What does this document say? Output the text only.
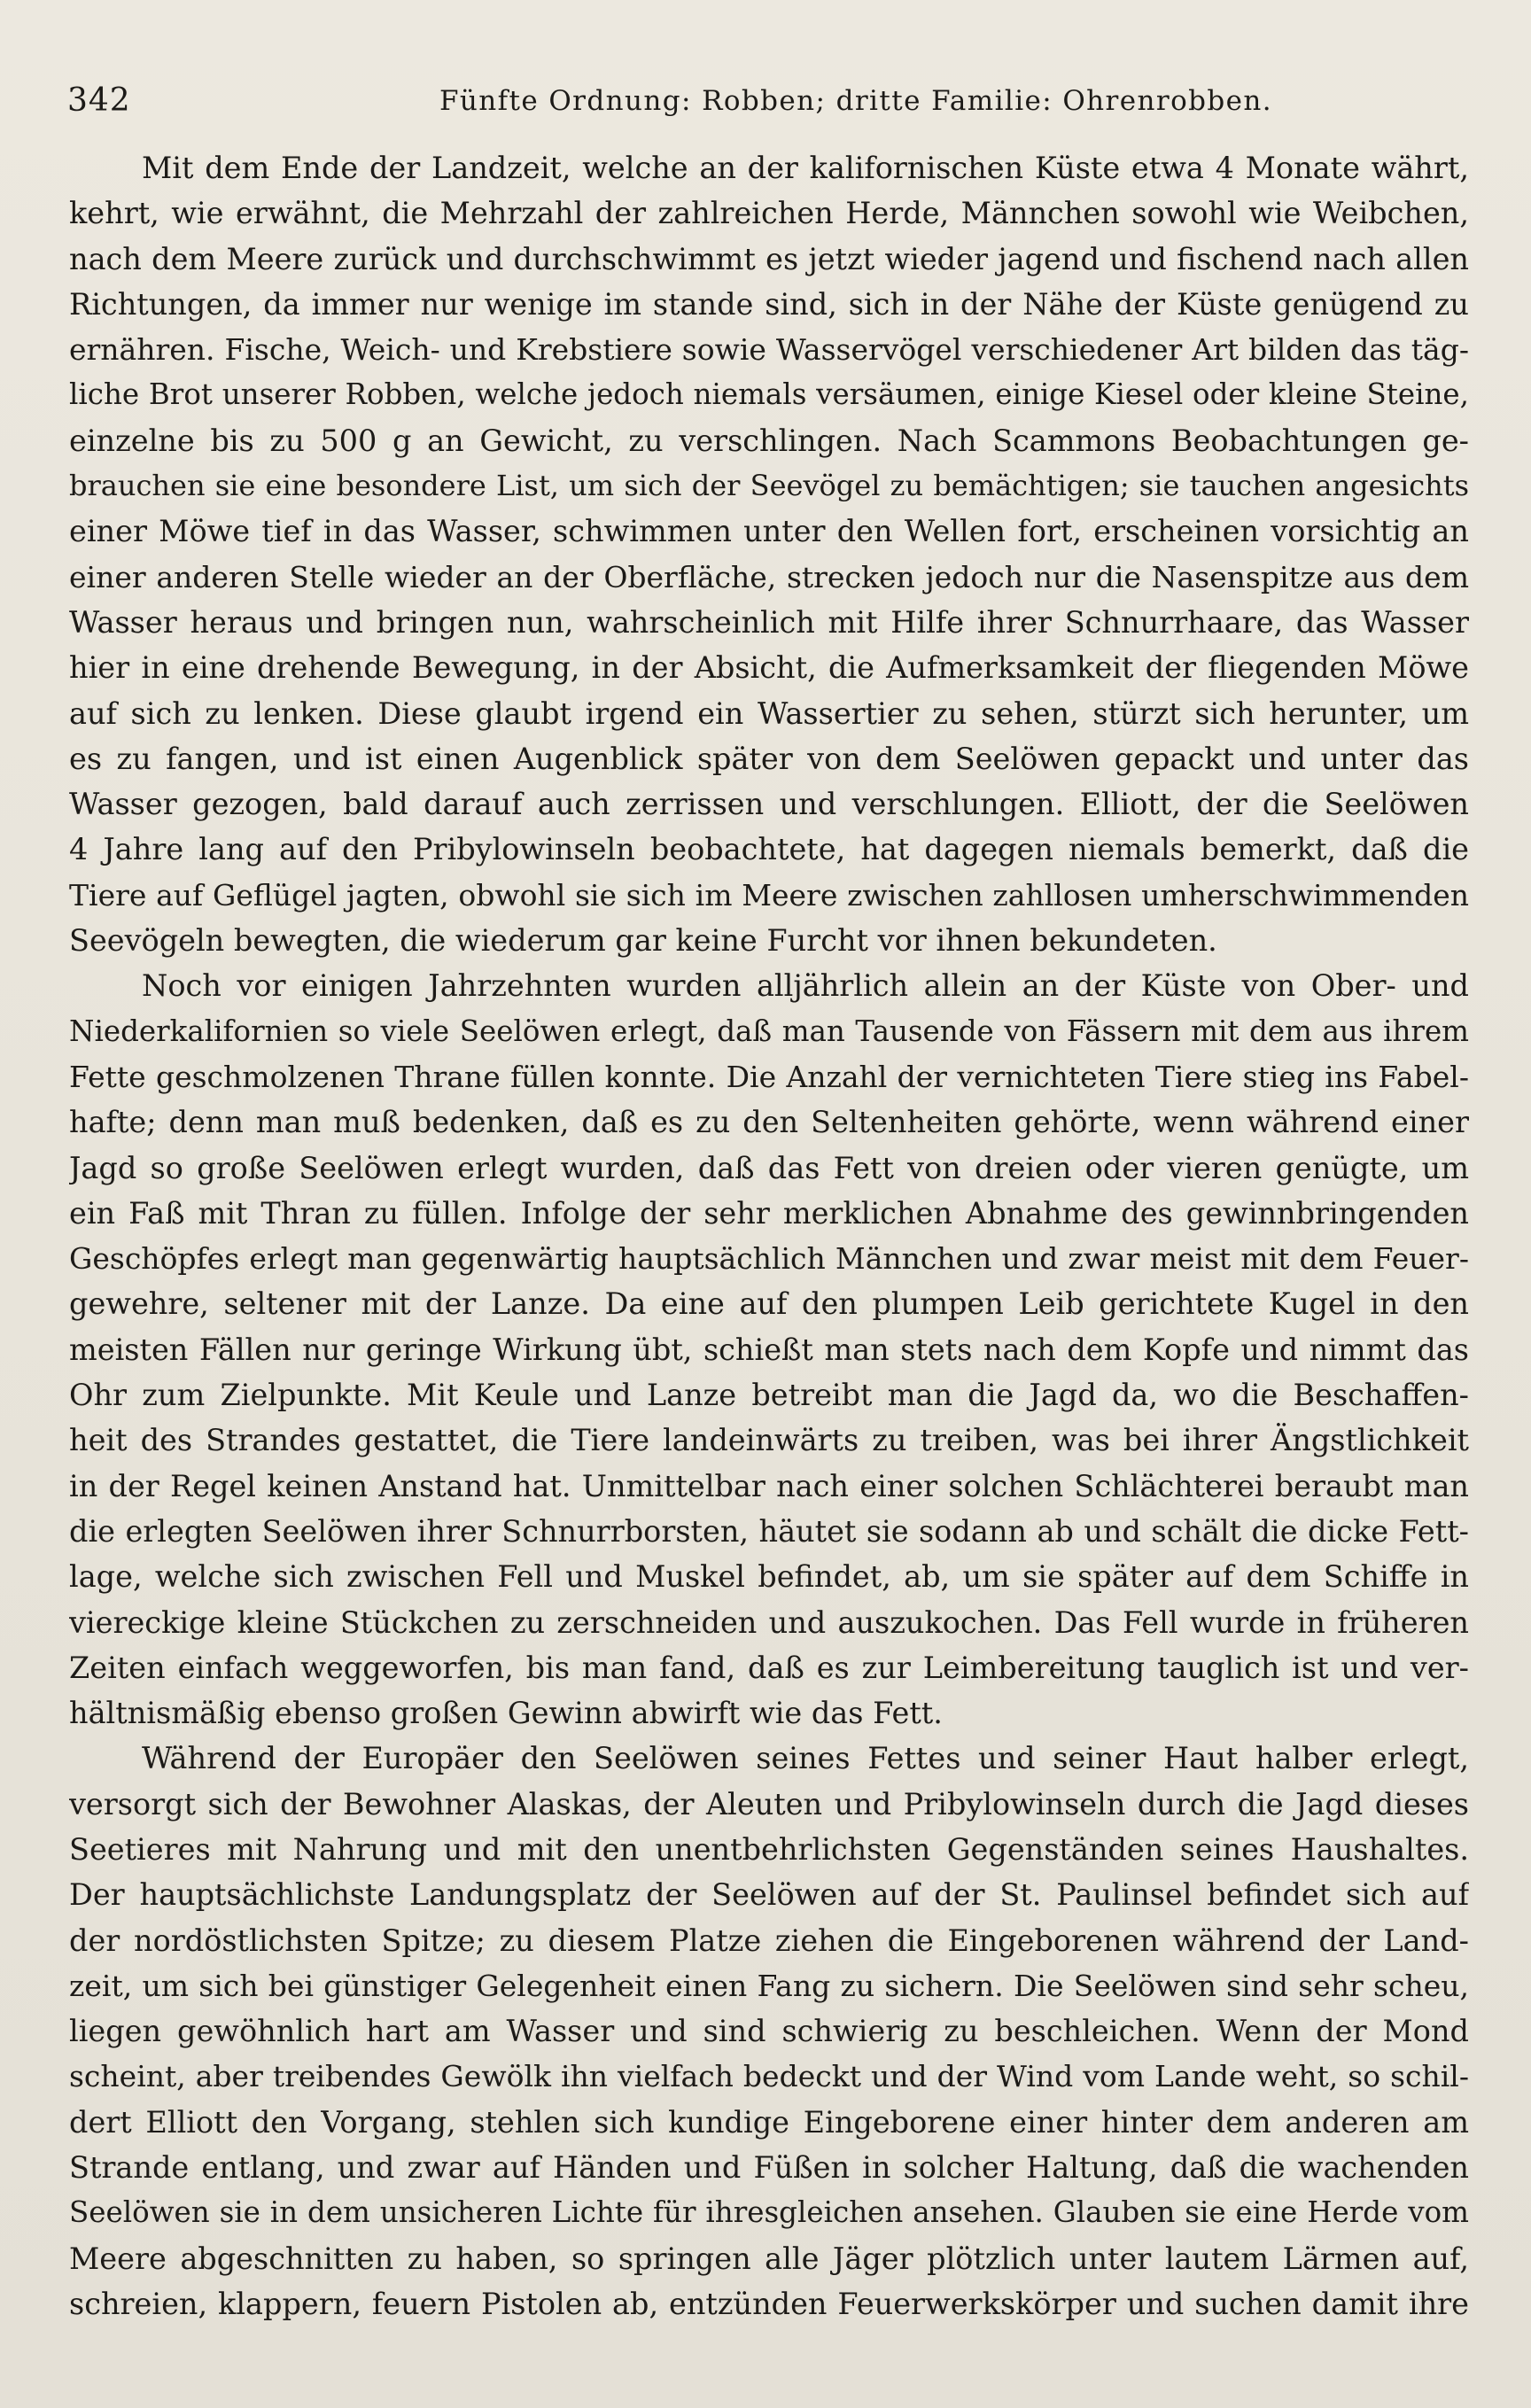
342	Fünfte Ordnung: Robben; dritte Familie: Ohrenrobben.
Mit dem Ende der Landzeit, welche an der kalifornischen Küste etwa 4 Monate währt,
kehrt, wie erwähnt, die Mehrzahl der zahlreichen Herde, Männchen sowohl wie Weibchen,
nach dem Meere zurück und durchschwimmt es jetzt wieder jagend und fischend nach allen
Richtungen, da immer nur wenige im stande sind, sich in der Nähe der Küste genügend zu
ernähren. Fische, Weich- und Krebstiere sowie Wasservögel verschiedener Art bilden das täg-
liche Brot unserer Robben, welche jedoch niemals versäumen, einige Kiesel oder kleine Steine,
einzelne bis zu 500 g an Gewicht, zu verschlingen. Nach Scammons Beobachtungen ge-
brauchen sie eine besondere List, um sich der Seevögel zu bemächtigen; sie tauchen angesichts
einer Möwe tief in das Wasser, schwimmen unter den Wellen fort, erscheinen vorsichtig an
einer anderen Stelle wieder an der Oberfläche, strecken jedoch nur die Nasenspitze aus dem
Wasser heraus und bringen nun, wahrscheinlich mit Hilfe ihrer Schnurrhaare, das Wasser
hier in eine drehende Bewegung, in der Absicht, die Aufmerksamkeit der fliegenden Möwe
auf sich zu lenken. Diese glaubt irgend ein Wassertier zu sehen, stürzt sich herunter, um
es zu fangen, und ist einen Augenblick später von dem Seelöwen gepackt und unter das
Wasser gezogen, bald darauf auch zerrissen und verschlungen. Elliott, der die Seelöwen
4 Jahre lang auf den Pribylowinseln beobachtete, hat dagegen niemals bemerkt, daß die
Tiere auf Geflügel jagten, obwohl sie sich im Meere zwischen zahllosen umherschwimmenden
Seevögeln bewegten, die wiederum gar keine Furcht vor ihnen bekundeten.
Noch vor einigen Jahrzehnten wurden alljährlich allein an der Küste von Ober- und
Niederkalifornien so viele Seelöwen erlegt, daß man Tausende von Fässern mit dem aus ihrem
Fette geschmolzenen Thrane füllen konnte. Die Anzahl der vernichteten Tiere stieg ins Fabel-
hafte; denn man muß bedenken, daß es zu den Seltenheiten gehörte, wenn während einer
Jagd so große Seelöwen erlegt wurden, daß das Fett von dreien oder vieren genügte, um
ein Faß mit Thran zu füllen. Infolge der sehr merklichen Abnahme des gewinnbringenden
Geschöpfes erlegt man gegenwärtig hauptsächlich Männchen und zwar meist mit dem Feuer-
gewehre, seltener mit der Lanze. Da eine auf den plumpen Leib gerichtete Kugel in den
meisten Fällen nur geringe Wirkung übt, schießt man stets nach dem Kopfe und nimmt das
Ohr zum Zielpunkte. Mit Keule und Lanze betreibt man die Jagd da, wo die Beschaffen-
heit des Strandes gestattet, die Tiere landeinwärts zu treiben, was bei ihrer Ängstlichkeit
in der Regel keinen Anstand hat. Unmittelbar nach einer solchen Schlächterei beraubt man
die erlegten Seelöwen ihrer Schnurrborsten, häutet sie sodann ab und schält die dicke Fett-
lage, welche sich zwischen Fell und Muskel befindet, ab, um sie später auf dem Schiffe in
viereckige kleine Stückchen zu zerschneiden und auszukochen. Das Fell wurde in früheren
Zeiten einfach weggeworfen, bis man fand, daß es zur Leimbereitung tauglich ist und ver-
hältnismäßig ebenso großen Gewinn abwirft wie das Fett.
Während der Europäer den Seelöwen seines Fettes und seiner Haut halber erlegt,
versorgt sich der Bewohner Alaskas, der Aleuten und Pribylowinseln durch die Jagd dieses
Seetieres mit Nahrung und mit den unentbehrlichsten Gegenständen seines Haushaltes.
Der hauptsächlichste Landungsplatz der Seelöwen auf der St. Paulinsel befindet sich auf
der nordöstlichsten Spitze; zu diesem Platze ziehen die Eingeborenen während der Land-
zeit, um sich bei günstiger Gelegenheit einen Fang zu sichern. Die Seelöwen sind sehr scheu,
liegen gewöhnlich hart am Wasser und sind schwierig zu beschleichen. Wenn der Mond
scheint, aber treibendes Gewölk ihn vielfach bedeckt und der Wind vom Lande weht, so schil-
dert Elliott den Vorgang, stehlen sich kundige Eingeborene einer hinter dem anderen am
Strande entlang, und zwar auf Händen und Füßen in solcher Haltung, daß die wachenden
Seelöwen sie in dem unsicheren Lichte für ihresgleichen ansehen. Glauben sie eine Herde vom
Meere abgeschnitten zu haben, so springen alle Jäger plötzlich unter lautem Lärmen auf,
schreien, klappern, feuern Pistolen ab, entzünden Feuerwerkskörper und suchen damit ihre
